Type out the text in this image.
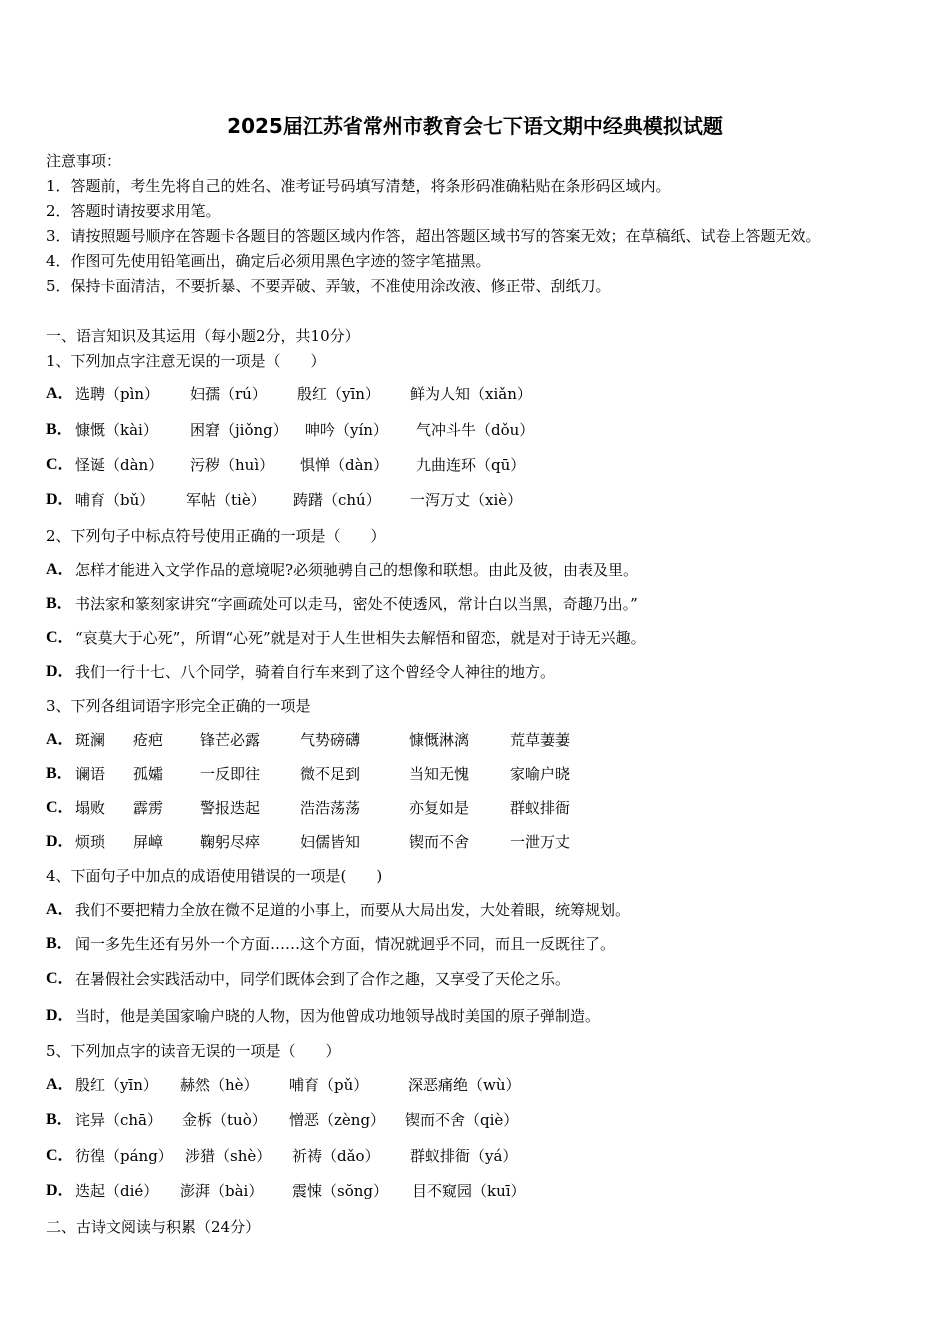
2025届江苏省常州市教育会七下语文期中经典模拟试题
注意事项：
1．答题前，考生先将自己的姓名、准考证号码填写清楚，将条形码准确粘贴在条形码区域内。
2．答题时请按要求用笔。
3．请按照题号顺序在答题卡各题目的答题区域内作答，超出答题区域书写的答案无效；在草稿纸、试卷上答题无效。
4．作图可先使用铅笔画出，确定后必须用黑色字迹的签字笔描黑。
5．保持卡面清洁，不要折暴、不要弄破、弄皱，不准使用涂改液、修正带、刮纸刀。
一、语言知识及其运用（每小题2分，共10分）
1、下列加点字注意无误的一项是（　　）
A． 选聘（pìn） 妇孺（rú） 殷红（yīn） 鲜为人知（xiǎn）
B． 慷慨（kài） 困窘（jiǒng） 呻吟（yín） 气冲斗牛（dǒu）
C． 怪诞（dàn） 污秽（huì） 惧惮（dàn） 九曲连环（qū）
D． 哺育（bǔ） 军帖（tiè） 踌躇（chú） 一泻万丈（xiè）
2、下列句子中标点符号使用正确的一项是（　　）
A． 怎样才能进入文学作品的意境呢?必须驰骋自己的想像和联想。由此及彼，由表及里。
B． 书法家和篆刻家讲究“字画疏处可以走马，密处不使透风，常计白以当黑，奇趣乃出。”
C． “哀莫大于心死”，所谓“心死”就是对于人生世相失去解悟和留恋，就是对于诗无兴趣。
D． 我们一行十七、八个同学，骑着自行车来到了这个曾经令人神往的地方。
3、下列各组词语字形完全正确的一项是
A． 斑澜 疮疤 锋芒必露	气势磅礴	慷慨淋漓	荒草萋萋
B． 谰语 孤孀 一反即往	微不足到	当知无愧	家喻户晓
C． 塌败 霹雳 警报迭起	浩浩荡荡	亦复如是	群蚁排衙
D． 烦琐 屏嶂 鞠躬尽瘁	妇儒皆知	锲而不舍	一泄万丈
4、下面句子中加点的成语使用错误的一项是(　　)
A． 我们不要把精力全放在微不足道的小事上，而要从大局出发，大处着眼，统筹规划。
B． 闻一多先生还有另外一个方面……这个方面，情况就迥乎不同，而且一反既往了。
C． 在暑假社会实践活动中，同学们既体会到了合作之趣，又享受了天伦之乐。
D． 当时，他是美国家喻户晓的人物，因为他曾成功地领导战时美国的原子弹制造。
5、下列加点字的读音无误的一项是（　　）
A． 殷红（yīn） 赫然（hè） 哺育（pǔ）	深恶痛绝（wù）
B． 诧异（chā） 金柝（tuò） 憎恶（zèng） 锲而不舍（qiè）
C． 彷徨（páng） 涉猎（shè） 祈祷（dǎo） 群蚁排衙（yá）
D． 迭起（dié） 澎湃（bài） 震悚（sŏng） 目不窥园（kuī）
二、古诗文阅读与积累（24分）
